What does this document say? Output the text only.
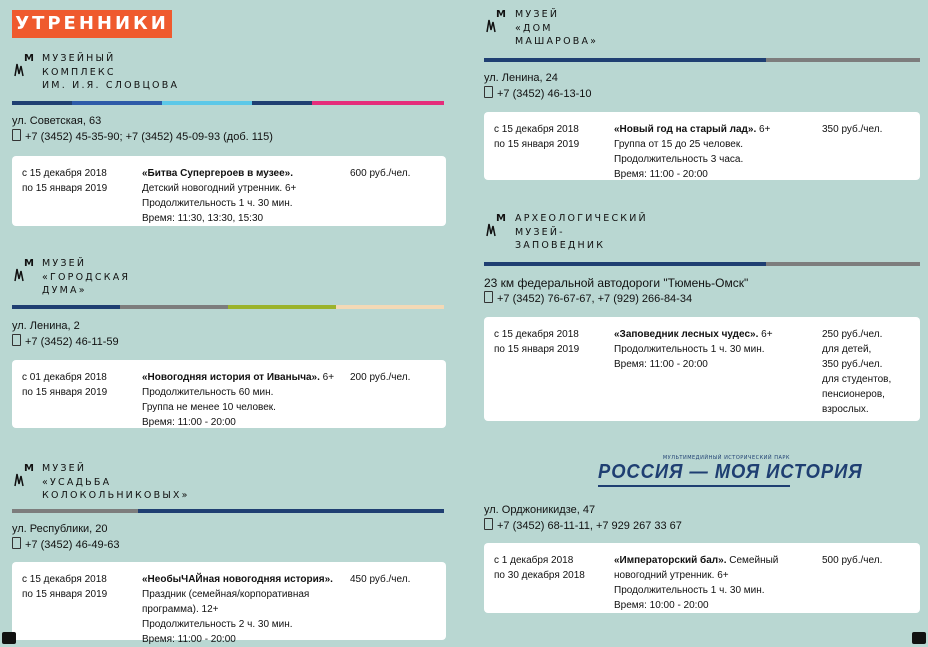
УТРЕННИКИ
М МУЗЕЙНЫЙ
КОМПЛЕКС
ИМ. И.Я. СЛОВЦОВА
ул. Советская, 63
+7 (3452) 45-35-90; +7 (3452) 45-09-93 (доб. 115)
с 15 декабря 2018
по 15 января 2019
«Битва Супергероев в музее».
Детский новогодний утренник. 6+
Продолжительность 1 ч. 30 мин.
Время: 11:30, 13:30, 15:30
600 руб./чел.
М МУЗЕЙ
«ГОРОДСКАЯ
ДУМА»
ул. Ленина, 2
+7 (3452) 46-11-59
с 01 декабря 2018
по 15 января 2019
«Новогодняя история от Иваныча». 6+
Продолжительность 60 мин.
Группа не менее 10 человек.
Время: 11:00 - 20:00
200 руб./чел.
М МУЗЕЙ
«УСАДЬБА
КОЛОКОЛЬНИКОВЫХ»
ул. Республики, 20
+7 (3452) 46-49-63
с 15 декабря 2018
по 15 января 2019
«НеобыЧАЙная новогодняя история».
Праздник (семейная/корпоративная
программа). 12+
Продолжительность 2 ч. 30 мин.
Время: 11:00 - 20:00
450 руб./чел.
М МУЗЕЙ
«ДОМ
МАШАРОВА»
ул. Ленина, 24
+7 (3452) 46-13-10
с 15 декабря 2018
по 15 января 2019
«Новый год на старый лад». 6+
Группа от 15 до 25 человек.
Продолжительность 3 часа.
Время: 11:00 - 20:00
350 руб./чел.
М АРХЕОЛОГИЧЕСКИЙ
МУЗЕЙ-
ЗАПОВЕДНИК
23 км федеральной автодороги "Тюмень-Омск"
+7 (3452) 76-67-67, +7 (929) 266-84-34
с 15 декабря 2018
по 15 января 2019
«Заповедник лесных чудес». 6+
Продолжительность 1 ч. 30 мин.
Время: 11:00 - 20:00
250 руб./чел.
для детей,
350 руб./чел.
для студентов,
пенсионеров,
взрослых.
МУЛЬТИМЕДИЙНЫЙ ИСТОРИЧЕСКИЙ ПАРК
РОССИЯ — МОЯ ИСТОРИЯ
ул. Орджоникидзе, 47
+7 (3452) 68-11-11, +7 929 267 33 67
с 1 декабря 2018
по 30 декабря 2018
«Императорский бал». Семейный
новогодний утренник. 6+
Продолжительность 1 ч. 30 мин.
Время: 10:00 - 20:00
500 руб./чел.
